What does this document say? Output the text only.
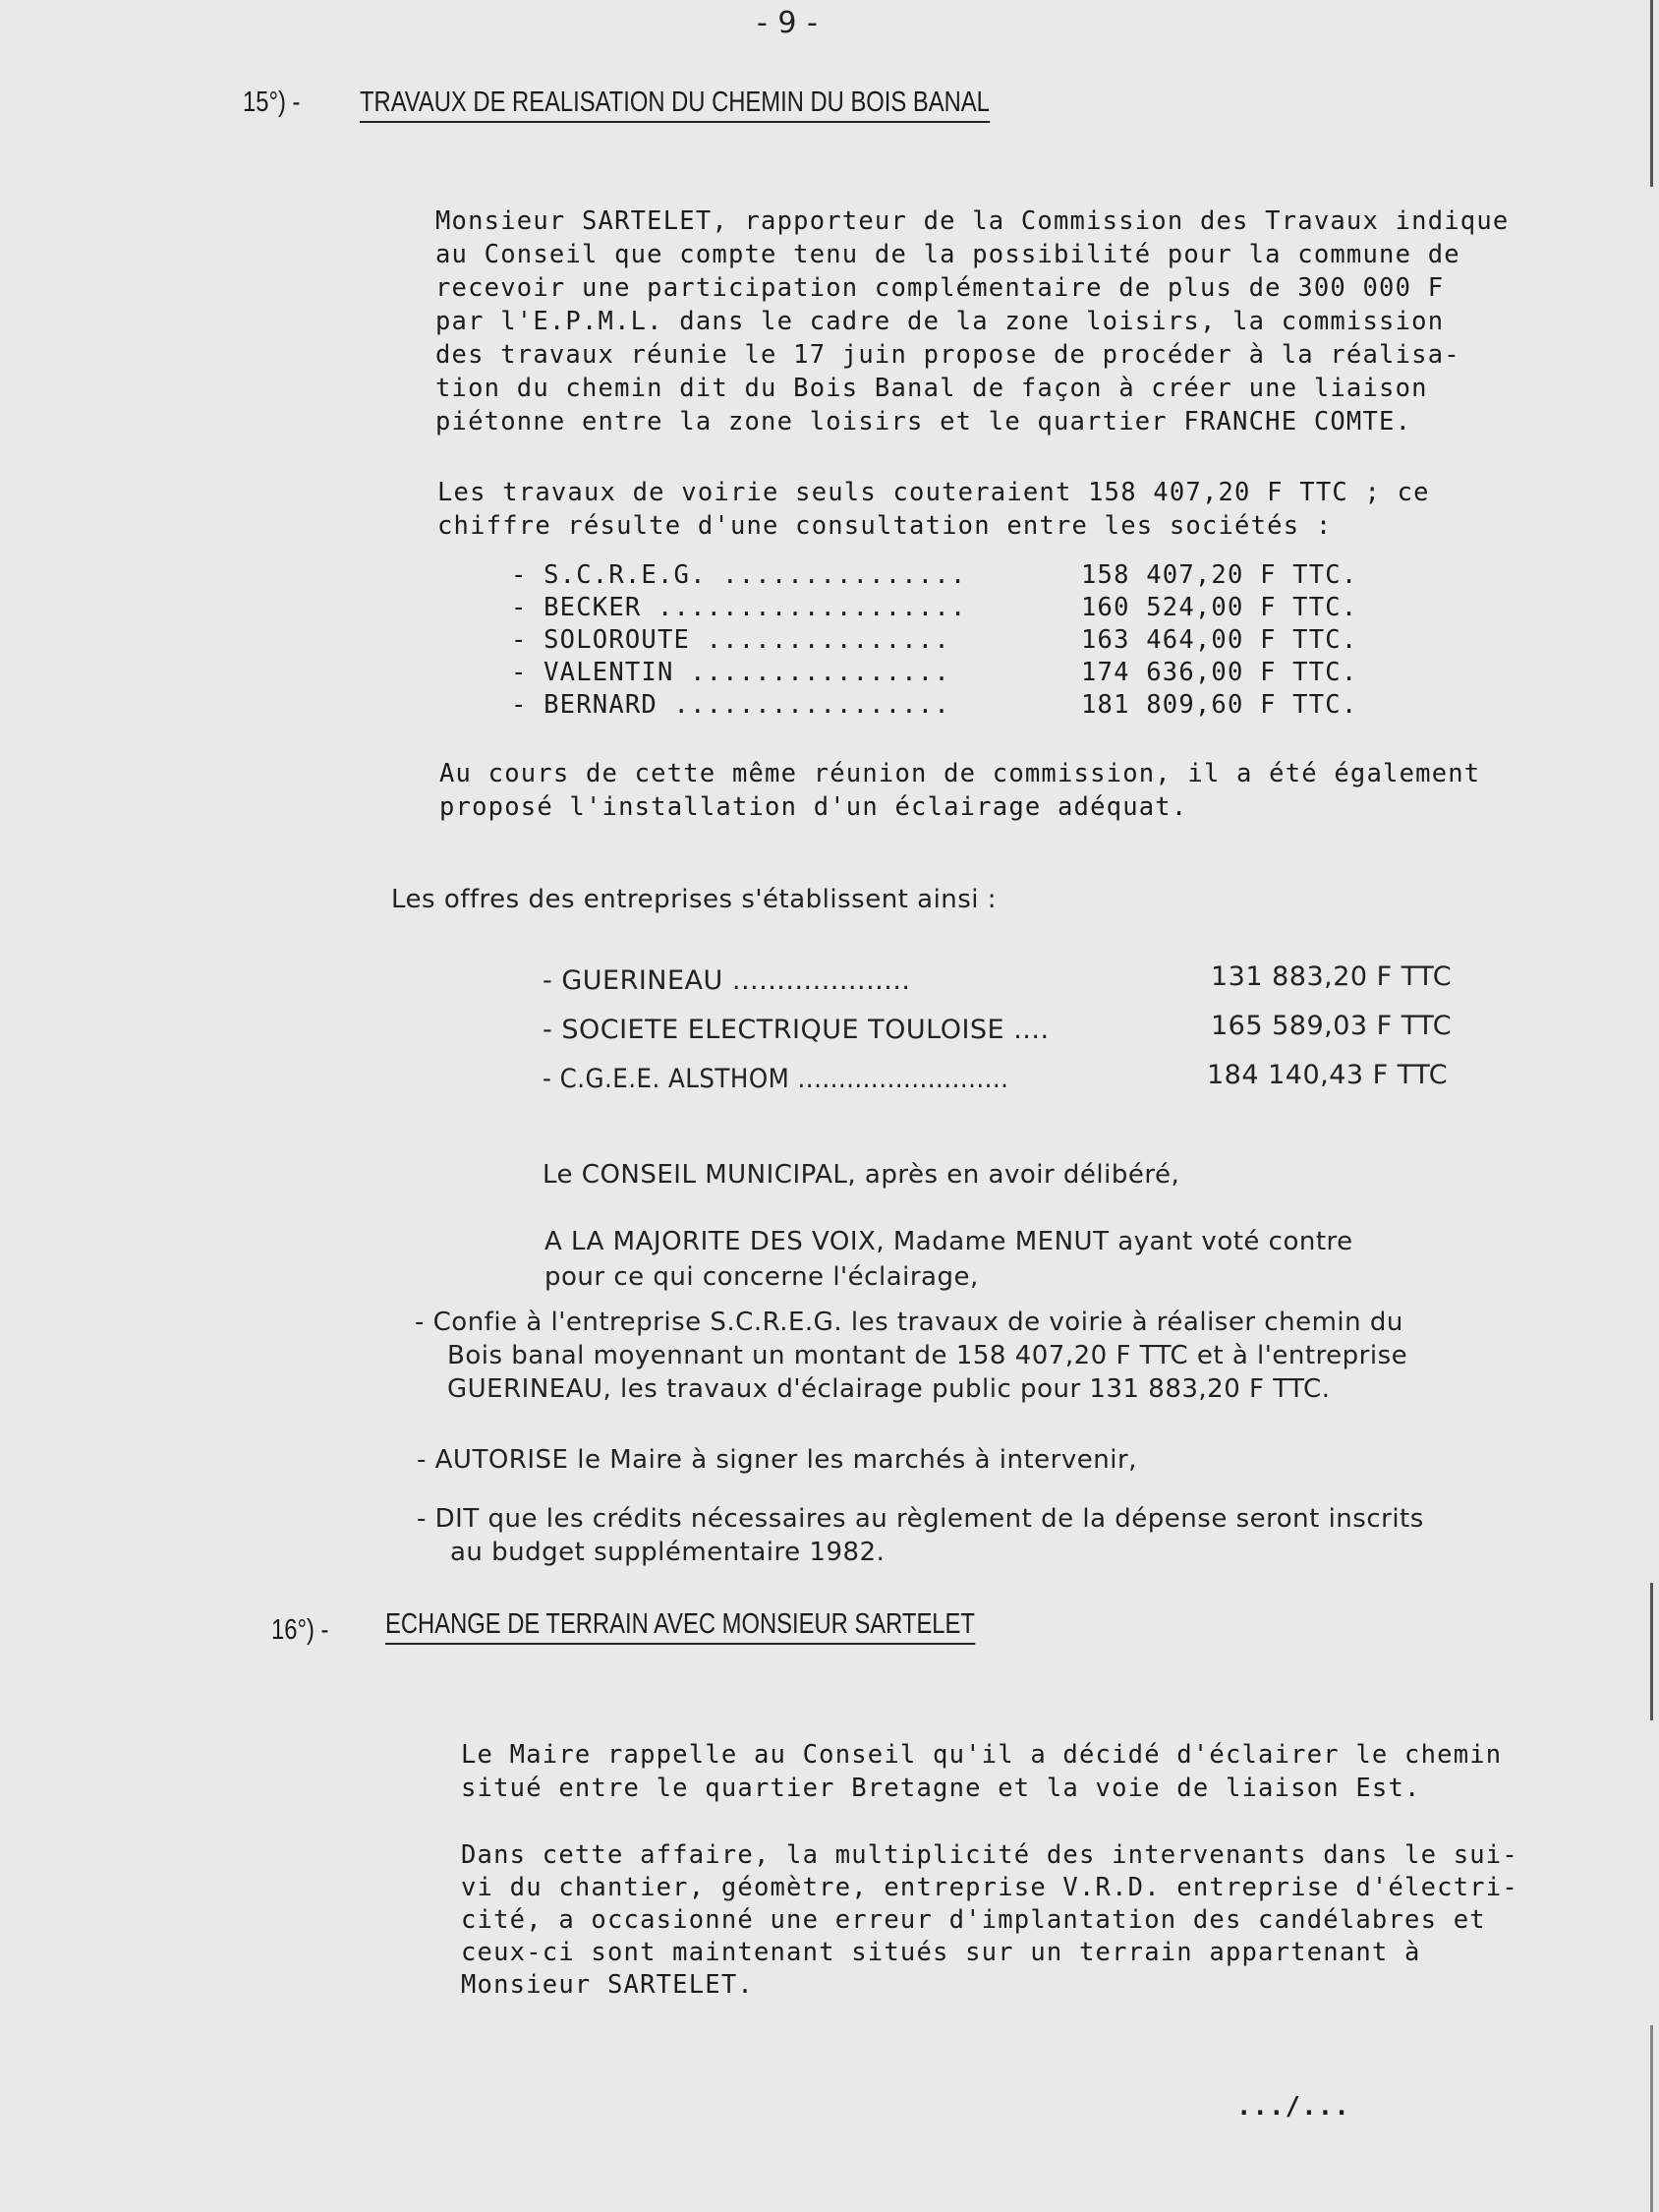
- 9 -
15°) - TRAVAUX DE REALISATION DU CHEMIN DU BOIS BANAL
Monsieur SARTELET, rapporteur de la Commission des Travaux indique
au Conseil que compte tenu de la possibilité pour la commune de
recevoir une participation complémentaire de plus de 300 000 F
par l'E.P.M.L. dans le cadre de la zone loisirs, la commission
des travaux réunie le 17 juin propose de procéder à la réalisa-
tion du chemin dit du Bois Banal de façon à créer une liaison
piétonne entre la zone loisirs et le quartier FRANCHE COMTE.
Les travaux de voirie seuls couteraient 158 407,20 F TTC ; ce
chiffre résulte d'une consultation entre les sociétés :
- S.C.R.E.G. ...............	158 407,20 F TTC.
- BECKER ...................	160 524,00 F TTC.
- SOLOROUTE ...............	163 464,00 F TTC.
- VALENTIN ................	174 636,00 F TTC.
- BERNARD .................	181 809,60 F TTC.
Au cours de cette même réunion de commission, il a été également
proposé l'installation d'un éclairage adéquat.
Les offres des entreprises s'établissent ainsi :
- GUERINEAU ....................	131 883,20 F TTC
- SOCIETE ELECTRIQUE TOULOISE ....	165 589,03 F TTC
- C.G.E.E. ALSTHOM ..........................	184 140,43 F TTC
Le CONSEIL MUNICIPAL, après en avoir délibéré,
A LA MAJORITE DES VOIX, Madame MENUT ayant voté contre
pour ce qui concerne l'éclairage,
- Confie à l'entreprise S.C.R.E.G. les travaux de voirie à réaliser chemin du
Bois banal moyennant un montant de 158 407,20 F TTC et à l'entreprise
GUERINEAU, les travaux d'éclairage public pour 131 883,20 F TTC.
- AUTORISE le Maire à signer les marchés à intervenir,
- DIT que les crédits nécessaires au règlement de la dépense seront inscrits
au budget supplémentaire 1982.
16°) - ECHANGE DE TERRAIN AVEC MONSIEUR SARTELET
Le Maire rappelle au Conseil qu'il a décidé d'éclairer le chemin
situé entre le quartier Bretagne et la voie de liaison Est.
Dans cette affaire, la multiplicité des intervenants dans le sui-
vi du chantier, géomètre, entreprise V.R.D. entreprise d'électri-
cité, a occasionné une erreur d'implantation des candélabres et
ceux-ci sont maintenant situés sur un terrain appartenant à
Monsieur SARTELET.
.../...
